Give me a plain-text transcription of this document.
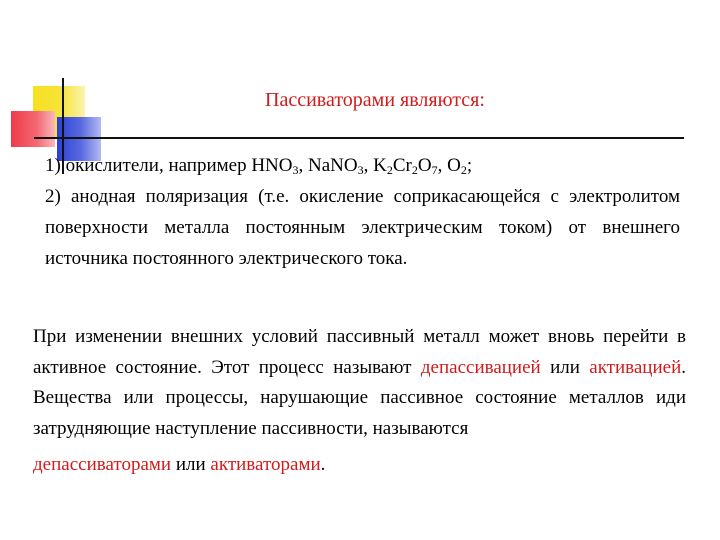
Пассиваторами являются:

1) окислители, например $HNO_3$, NaNO$_3$, $K_2Cr_2O_7$, $O_2$;

2) анодная поляризация (т.е. окисление соприкасающейся с электролитом поверхности металла постоянным электрическим током) от внешнего источника постоянного электрического тока.

При изменении внешних условий пассивный металл может вновь перейти в активное состояние. Этот процесс называют депассивацией или активацией. Вещества или процессы, нарушающие пассивное состояние металлов иди затрудняющие наступление пассивности, называются
депассиваторами или активаторами.
